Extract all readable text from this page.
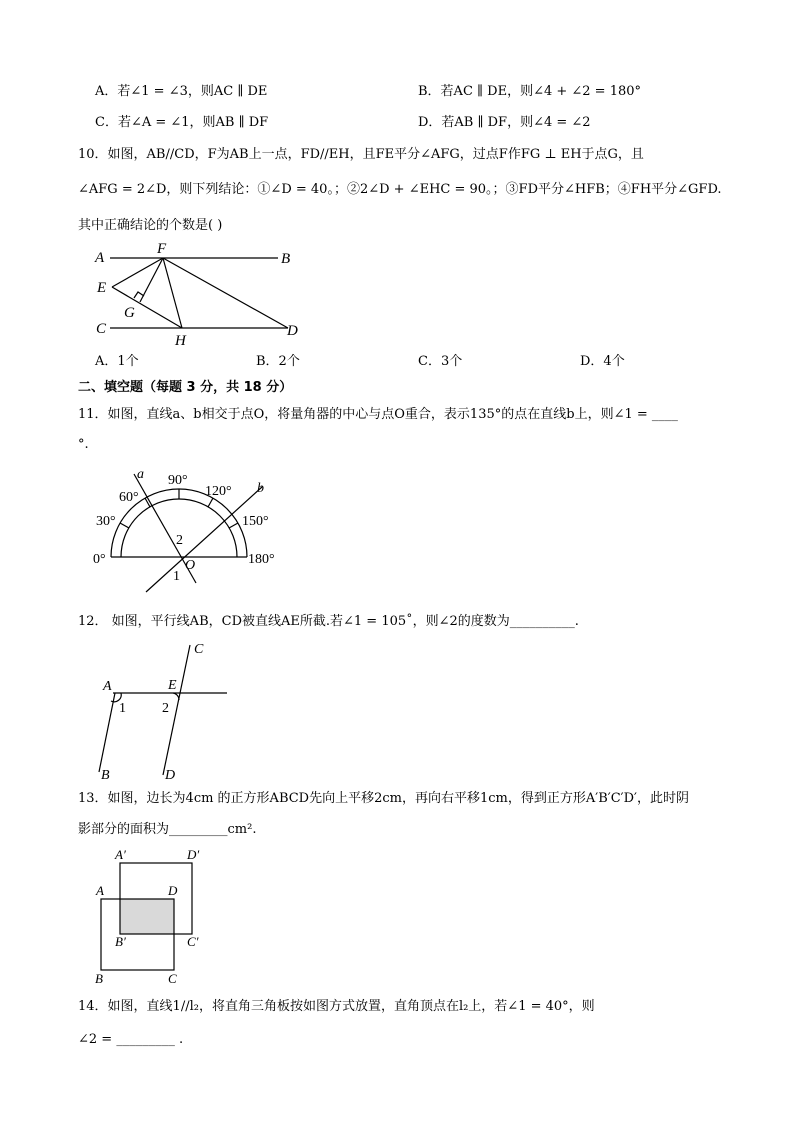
A．若∠1 = ∠3，则AC ∥ DE	B．若AC ∥ DE，则∠4 + ∠2 = 180°
C．若∠A = ∠1，则AB ∥ DF	D．若AB ∥ DF，则∠4 = ∠2
10．如图，AB//CD，F为AB上一点，FD//EH，且FE平分∠AFG，过点F作FG ⊥ EH于点G，且
∠AFG = 2∠D，则下列结论：①∠D = 40。；②2∠D + ∠EHC = 90。；③FD平分∠HFB；④FH平分∠GFD.
其中正确结论的个数是( )
A	B
F
E
G
C
H
D
A．1个	B．2个	C．3个	D．4个
二、填空题（每题 3 分，共 18 分）
11．如图，直线a、b相交于点O，将量角器的中心与点O重合，表示135°的点在直线b上，则∠1 = ____
°.
a
b
90°
120°
60°
30°	150°
0°	180°
2
1
O
12． 如图，平行线AB，CD被直线AE所截.若∠1 = 105˚，则∠2的度数为__________.
A	E
C
1	2
B	D
13．如图，边长为4cm 的正方形ABCD先向上平移2cm，再向右平移1cm，得到正方形A′B′C′D′，此时阴
影部分的面积为_________cm².
A′	D′
A	D
B′	C′
B	C
14．如图，直线1//l₂，将直角三角板按如图方式放置，直角顶点在l₂上，若∠1 = 40°，则
∠2 = _________ .
